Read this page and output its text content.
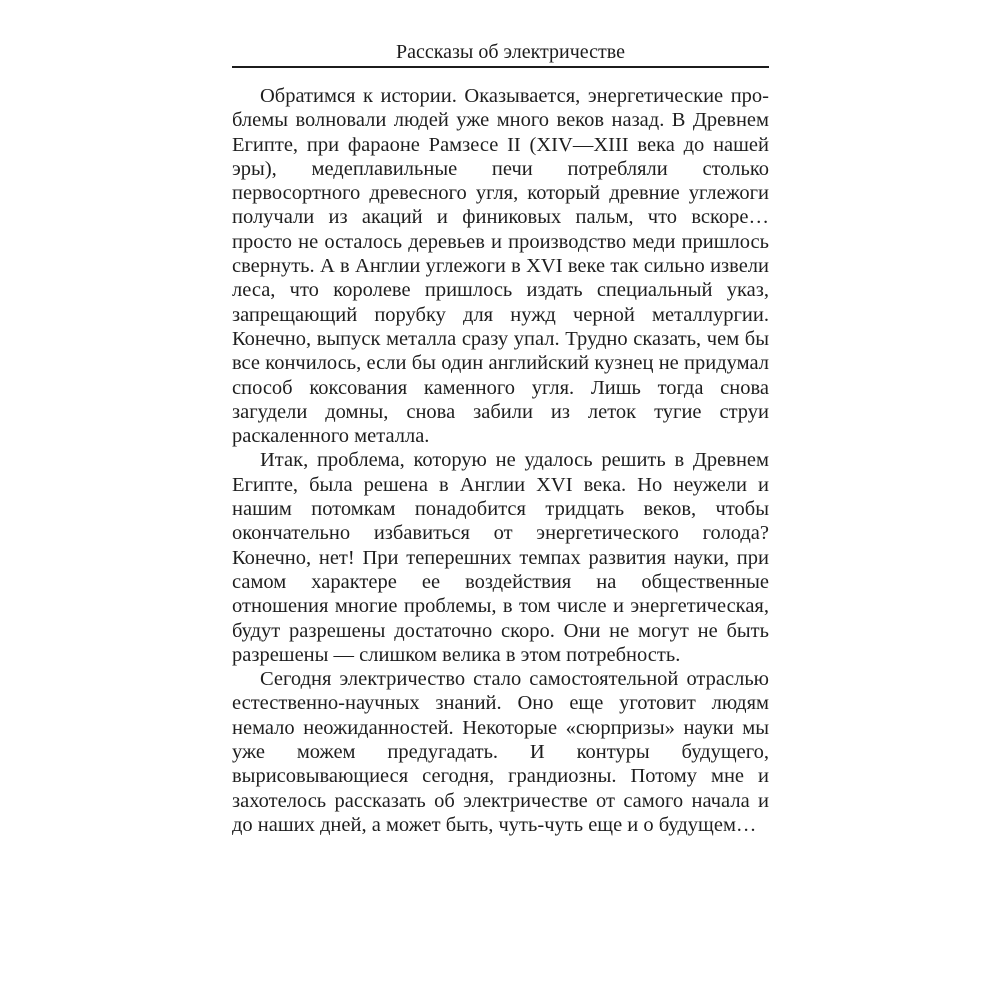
Рассказы об электричестве

Обратимся к истории. Оказывается, энергетические проблемы волновали людей уже много веков назад. В Древнем Египте, при фараоне Рамзесе II (XIV—XIII века до нашей эры), медеплавильные печи потребляли столько первосортного древесного угля, который древние углежоги получали из акаций и финиковых пальм, что вскоре… просто не осталось деревьев и производство меди пришлось свернуть. А в Англии углежоги в XVI веке так сильно извели леса, что королеве пришлось издать специальный указ, запрещающий порубку для нужд черной металлургии. Конечно, выпуск металла сразу упал. Трудно сказать, чем бы все кончилось, если бы один английский кузнец не придумал способ коксования каменного угля. Лишь тогда снова загудели домны, снова забили из леток тугие струи раскаленного металла.

Итак, проблема, которую не удалось решить в Древнем Египте, была решена в Англии XVI века. Но неужели и нашим потомкам понадобится тридцать веков, чтобы окончательно избавиться от энергетического голода? Конечно, нет! При теперешних темпах развития науки, при самом характере ее воздействия на общественные отношения многие проблемы, в том числе и энергетическая, будут разрешены достаточно скоро. Они не могут не быть разрешены — слишком велика в этом потребность.

Сегодня электричество стало самостоятельной отраслью естественно-научных знаний. Оно еще уготовит людям немало неожиданностей. Некоторые «сюрпризы» науки мы уже можем предугадать. И контуры будущего, вырисовывающиеся сегодня, грандиозны. Потому мне и захотелось рассказать об электричестве от самого начала и до наших дней, а может быть, чуть-чуть еще и о будущем…
